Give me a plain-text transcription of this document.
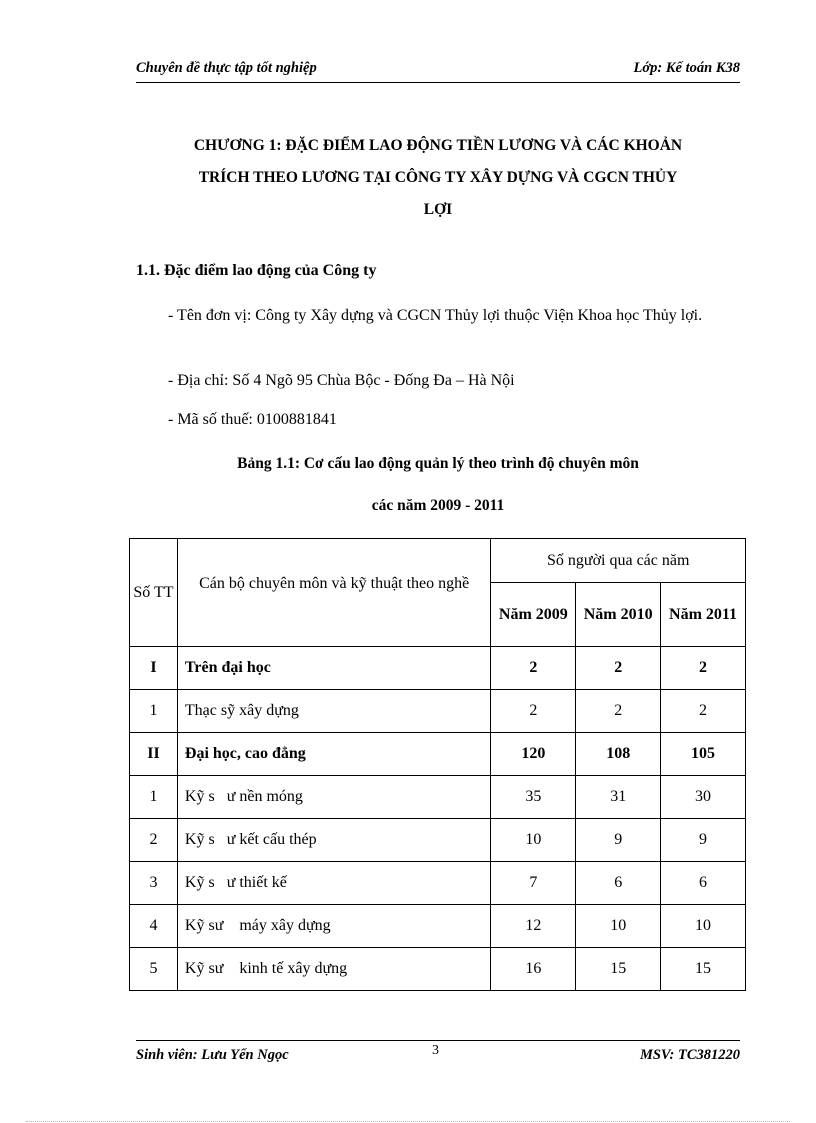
Chuyên đề thực tập tốt nghiệp	Lớp: Kế toán K38
CHƯƠNG 1: ĐẶC ĐIỂM LAO ĐỘNG TIỀN LƯƠNG VÀ CÁC KHOẢN
TRÍCH THEO LƯƠNG TẠI CÔNG TY XÂY DỰNG VÀ CGCN THỦY
LỢI
1.1. Đặc điểm lao động của Công ty
- Tên đơn vị: Công ty Xây dựng và CGCN Thủy lợi thuộc Viện Khoa học Thủy lợi.
- Địa chỉ: Số 4 Ngõ 95 Chùa Bộc - Đống Đa – Hà Nội
- Mã số thuế: 0100881841
Bảng 1.1: Cơ cấu lao động quản lý theo trình độ chuyên môn
các năm 2009 - 2011
Số TT	Cán bộ chuyên môn và kỹ thuật theo nghề	Số người qua các năm		
		Năm 2009	Năm 2010	Năm 2011
I	Trên đại học	2	2	2
1	Thạc sỹ xây dựng	2	2	2
II	Đại học, cao đẳng	120	108	105
1	Kỹ s   ư nền móng	35	31	30
2	Kỹ s   ư kết cấu thép	10	9	9
3	Kỹ s   ư thiết kế	7	6	6
4	Kỹ sư    máy xây dựng	12	10	10
5	Kỹ sư    kinh tế xây dựng	16	15	15
Sinh viên: Lưu Yến Ngọc	3	MSV: TC381220
